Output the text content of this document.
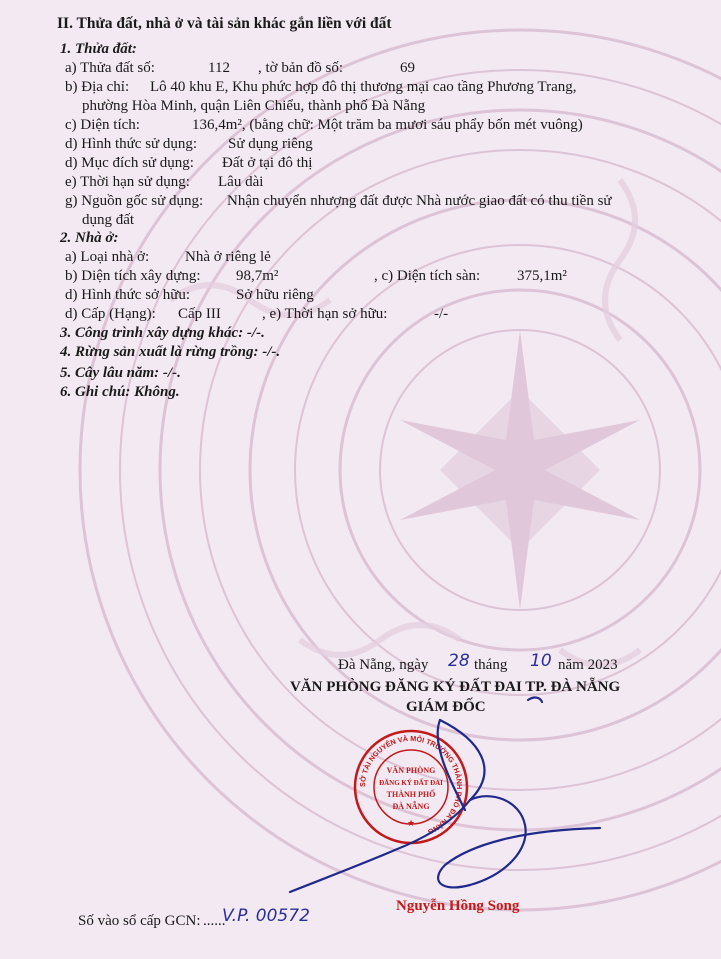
II. Thửa đất, nhà ở và tài sản khác gắn liền với đất
1. Thửa đất:
a) Thửa đất số:	112 , tờ bản đồ số:	69
b) Địa chỉ: Lô 40 khu E, Khu phức hợp đô thị thương mại cao tầng Phương Trang,
phường Hòa Minh, quận Liên Chiểu, thành phố Đà Nẵng
c) Diện tích:	136,4m², (bằng chữ: Một trăm ba mươi sáu phẩy bốn mét vuông)
d) Hình thức sử dụng: Sử dụng riêng
d) Mục đích sử dụng: Đất ở tại đô thị
e) Thời hạn sử dụng: Lâu dài
g) Nguồn gốc sử dụng: Nhận chuyển nhượng đất được Nhà nước giao đất có thu tiền sử
dụng đất
2. Nhà ở:
a) Loại nhà ở: Nhà ở riêng lẻ
b) Diện tích xây dựng: 98,7m²	, c) Diện tích sàn: 375,1m²
d) Hình thức sở hữu:	Sở hữu riêng
d) Cấp (Hạng): Cấp III	, e) Thời hạn sở hữu:	-/-
3. Công trình xây dựng khác: -/-.
4. Rừng sản xuất là rừng trồng: -/-.
5. Cây lâu năm: -/-.
6. Ghi chú: Không.
Đà Nẵng, ngày 28 tháng 10 năm 2023
VĂN PHÒNG ĐĂNG KÝ ĐẤT ĐAI TP. ĐÀ NẴNG
GIÁM ĐỐC
Nguyễn Hồng Song
Số vào sổ cấp GCN: ......
V.P. 00572
SỞ TÀI NGUYÊN VÀ MÔI TRƯỜNG THÀNH PHỐ ĐÀ NẴNG
VĂN PHÒNG
ĐĂNG KÝ ĐẤT ĐAI
THÀNH PHỐ
ĐÀ NẴNG
★
